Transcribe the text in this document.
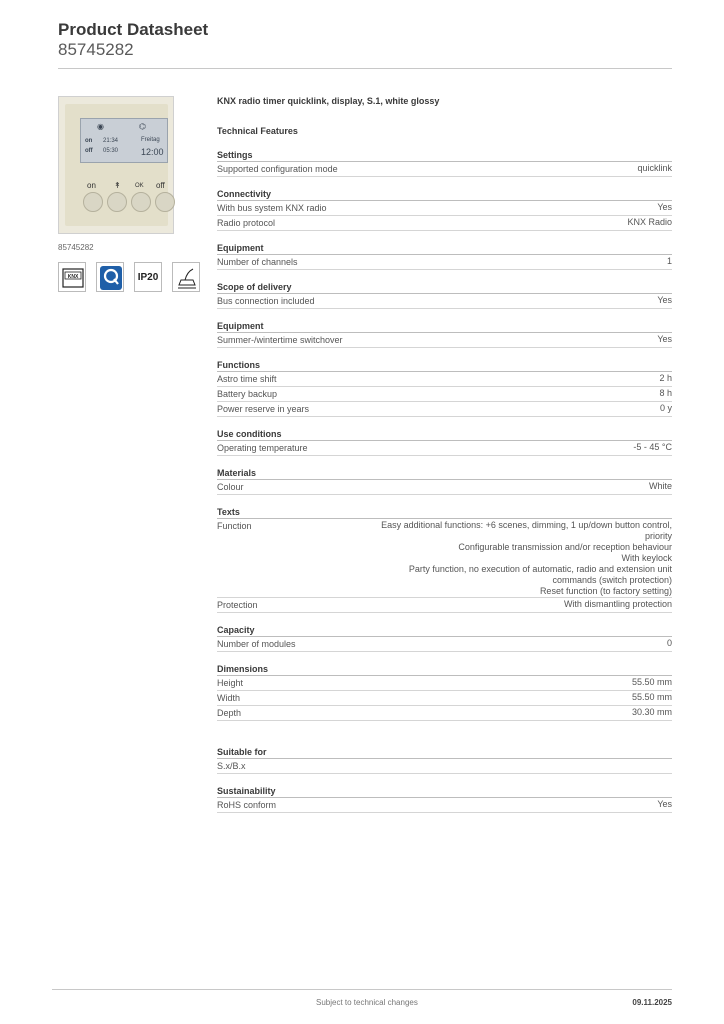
Product Datasheet
85745282
◉	⌬
on 21:34	Freitag
off 05:30	12:00
on ↟ OK off
85745282
KNX	IP20
KNX radio timer quicklink, display, S.1, white glossy
Technical Features
Settings
Supported configuration mode	quicklink
Connectivity
With bus system KNX radio	Yes
Radio protocol	KNX Radio
Equipment
Number of channels	1
Scope of delivery
Bus connection included	Yes
Equipment
Summer-/wintertime switchover	Yes
Functions
Astro time shift	2 h
Battery backup	8 h
Power reserve in years	0 y
Use conditions
Operating temperature	-5 - 45 °C
Materials
Colour	White
Texts
Function	Easy additional functions: +6 scenes, dimming, 1 up/down button control,
priority
Configurable transmission and/or reception behaviour
With keylock
Party function, no execution of automatic, radio and extension unit
commands (switch protection)
Reset function (to factory setting)
Protection	With dismantling protection
Capacity
Number of modules	0
Dimensions
Height	55.50 mm
Width	55.50 mm
Depth	30.30 mm
Suitable for
S.x/B.x
Sustainability
RoHS conform	Yes
Subject to technical changes	09.11.2025
